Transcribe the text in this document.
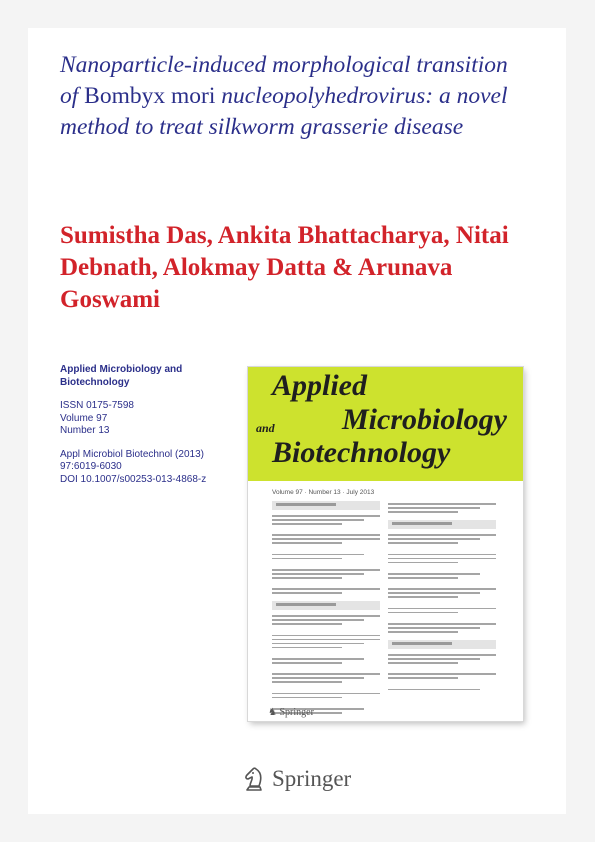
Nanoparticle-induced morphological transition of Bombyx mori nucleopolyhedrovirus: a novel method to treat silkworm grasserie disease
Sumistha Das, Ankita Bhattacharya, Nitai Debnath, Alokmay Datta & Arunava Goswami
Applied Microbiology and Biotechnology
ISSN 0175-7598
Volume 97
Number 13
Appl Microbiol Biotechnol (2013) 97:6019-6030
DOI 10.1007/s00253-013-4868-z
Applied
Microbiology
and
Biotechnology
Volume 97 · Number 13 · July 2013
♞ Springer
Springer
